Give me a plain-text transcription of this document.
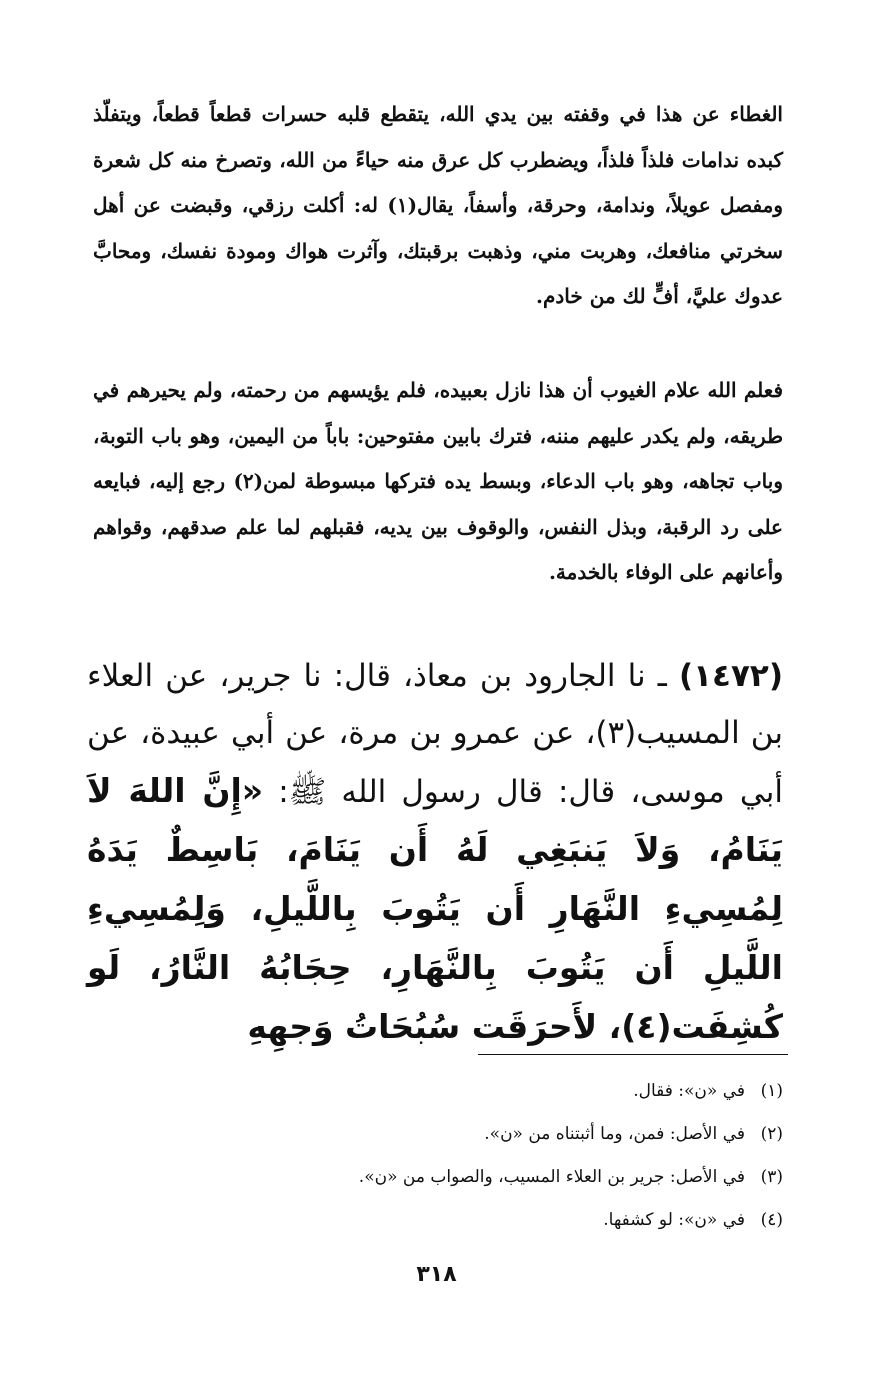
الغطاء عن هذا في وقفته بين يدي الله، يتقطع قلبه حسرات قطعاً قطعاً، ويتفلّذ كبده ندامات فلذاً فلذاً، ويضطرب كل عرق منه حياءً من الله، وتصرخ منه كل شعرة ومفصل عويلاً، وندامة، وحرقة، وأسفاً، يقال(١) له: أكلت رزقي، وقبضت عن أهل سخرتي منافعك، وهربت مني، وذهبت برقبتك، وآثرت هواك ومودة نفسك، ومحابَّ عدوك عليَّ، أفٍّ لك من خادم.

فعلم الله علام الغيوب أن هذا نازل بعبيده، فلم يؤيسهم من رحمته، ولم يحيرهم في طريقه، ولم يكدر عليهم مننه، فترك بابين مفتوحين: باباً من اليمين، وهو باب التوبة، وباب تجاهه، وهو باب الدعاء، وبسط يده فتركها مبسوطة لمن(٢) رجع إليه، فبايعه على رد الرقبة، وبذل النفس، والوقوف بين يديه، فقبلهم لما علم صدقهم، وقواهم وأعانهم على الوفاء بالخدمة.

(١٤٧٢) ـ نا الجارود بن معاذ، قال: نا جرير، عن العلاء بن المسيب(٣)، عن عمرو بن مرة، عن أبي عبيدة، عن أبي موسى، قال: قال رسول الله ﷺ: «إِنَّ اللهَ لاَ يَنَامُ، وَلاَ يَنبَغِي لَهُ أَن يَنَامَ، بَاسِطٌ يَدَهُ لِمُسِيءِ النَّهَارِ أَن يَتُوبَ بِاللَّيلِ، وَلِمُسِيءِ اللَّيلِ أَن يَتُوبَ بِالنَّهَارِ، حِجَابُهُ النَّارُ، لَو كُشِفَت(٤)، لأَحرَقَت سُبُحَاتُ وَجهِهِ

(١)في «ن»: فقال.
(٢)في الأصل: فمن، وما أثبتناه من «ن».
(٣)في الأصل: جرير بن العلاء المسيب، والصواب من «ن».
(٤)في «ن»: لو كشفها.
٣١٨
